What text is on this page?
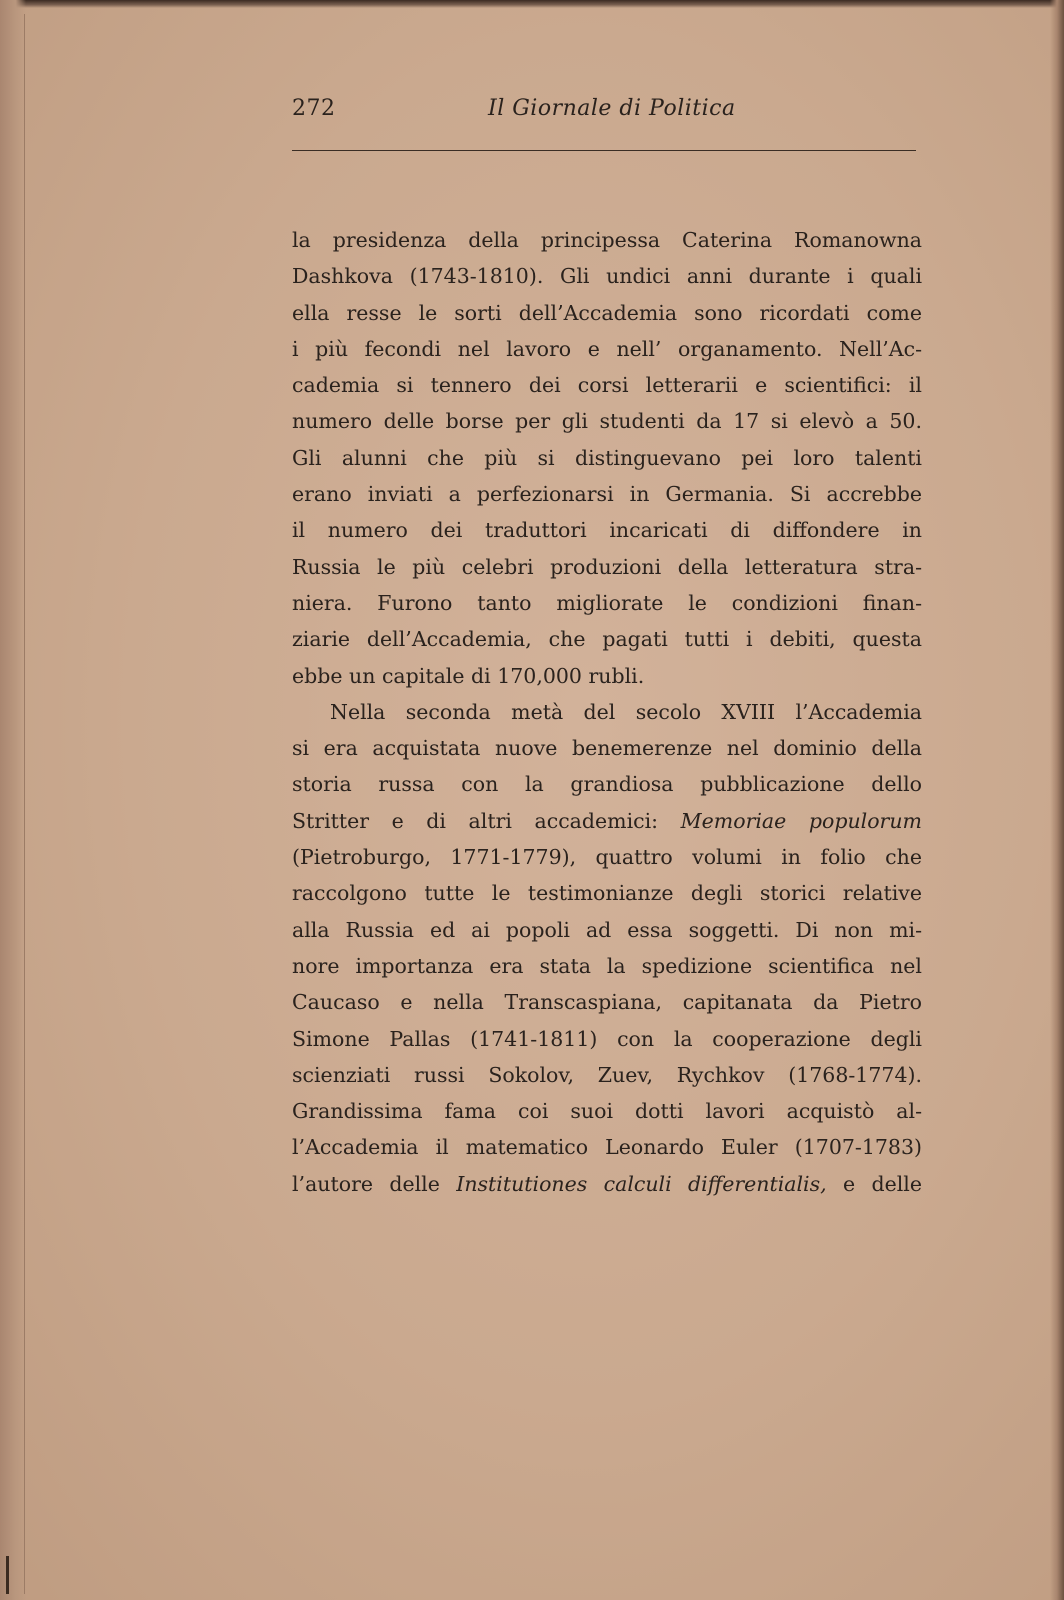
272	Il Giornale di Politica
la presidenza della principessa Caterina Romanowna
Dashkova (1743-1810). Gli undici anni durante i quali
ella resse le sorti dell’Accademia sono ricordati come
i più fecondi nel lavoro e nell’ organamento. Nell’Ac-
cademia si tennero dei corsi letterarii e scientifici: il
numero delle borse per gli studenti da 17 si elevò a 50.
Gli alunni che più si distinguevano pei loro talenti
erano inviati a perfezionarsi in Germania. Si accrebbe
il numero dei traduttori incaricati di diffondere in
Russia le più celebri produzioni della letteratura stra-
niera. Furono tanto migliorate le condizioni finan-
ziarie dell’Accademia, che pagati tutti i debiti, questa
ebbe un capitale di 170,000 rubli.
Nella seconda metà del secolo XVIII l’Accademia
si era acquistata nuove benemerenze nel dominio della
storia russa con la grandiosa pubblicazione dello
Stritter e di altri accademici: Memoriae populorum
(Pietroburgo, 1771-1779), quattro volumi in folio che
raccolgono tutte le testimonianze degli storici relative
alla Russia ed ai popoli ad essa soggetti. Di non mi-
nore importanza era stata la spedizione scientifica nel
Caucaso e nella Transcaspiana, capitanata da Pietro
Simone Pallas (1741-1811) con la cooperazione degli
scienziati russi Sokolov, Zuev, Rychkov (1768-1774).
Grandissima fama coi suoi dotti lavori acquistò al-
l’Accademia il matematico Leonardo Euler (1707-1783)
l’autore delle Institutiones calculi differentialis, e delle
